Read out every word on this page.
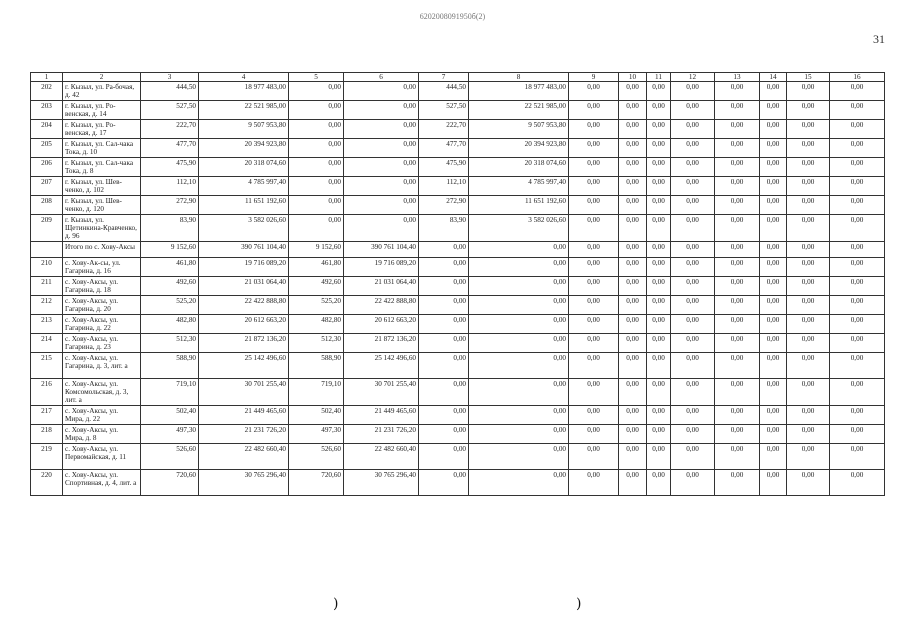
6202008091950б(2)
31
1	2	3	4	5	6	7	8	9	10	11	12	13	14	15	16
202	г. Кызыл, ул. Ра-бочая, д. 42	444,50	18 977 483,00	0,00	0,00	444,50	18 977 483,00	0,00	0,00	0,00	0,00	0,00	0,00	0,00	0,00
203	г. Кызыл, ул. Ро-венская, д. 14	527,50	22 521 985,00	0,00	0,00	527,50	22 521 985,00	0,00	0,00	0,00	0,00	0,00	0,00	0,00	0,00
204	г. Кызыл, ул. Ро-венская, д. 17	222,70	9 507 953,80	0,00	0,00	222,70	9 507 953,80	0,00	0,00	0,00	0,00	0,00	0,00	0,00	0,00
205	г. Кызыл, ул. Сал-чака Тока, д. 10	477,70	20 394 923,80	0,00	0,00	477,70	20 394 923,80	0,00	0,00	0,00	0,00	0,00	0,00	0,00	0,00
206	г. Кызыл, ул. Сал-чака Тока, д. 8	475,90	20 318 074,60	0,00	0,00	475,90	20 318 074,60	0,00	0,00	0,00	0,00	0,00	0,00	0,00	0,00
207	г. Кызыл, ул. Шев-ченко, д. 102	112,10	4 785 997,40	0,00	0,00	112,10	4 785 997,40	0,00	0,00	0,00	0,00	0,00	0,00	0,00	0,00
208	г. Кызыл, ул. Шев-ченко, д. 120	272,90	11 651 192,60	0,00	0,00	272,90	11 651 192,60	0,00	0,00	0,00	0,00	0,00	0,00	0,00	0,00
209	г. Кызыл, ул. Щетинкина-Кравченко, д. 96	83,90	3 582 026,60	0,00	0,00	83,90	3 582 026,60	0,00	0,00	0,00	0,00	0,00	0,00	0,00	0,00
	Итого по с. Хову-Аксы	9 152,60	390 761 104,40	9 152,60	390 761 104,40	0,00	0,00	0,00	0,00	0,00	0,00	0,00	0,00	0,00	0,00
210	с. Хову-Ак-сы, ул. Гагарина, д. 16	461,80	19 716 089,20	461,80	19 716 089,20	0,00	0,00	0,00	0,00	0,00	0,00	0,00	0,00	0,00	0,00
211	с. Хову-Аксы, ул. Гагарина, д. 18	492,60	21 031 064,40	492,60	21 031 064,40	0,00	0,00	0,00	0,00	0,00	0,00	0,00	0,00	0,00	0,00
212	с. Хову-Аксы, ул. Гагарина, д. 20	525,20	22 422 888,80	525,20	22 422 888,80	0,00	0,00	0,00	0,00	0,00	0,00	0,00	0,00	0,00	0,00
213	с. Хову-Аксы, ул. Гагарина, д. 22	482,80	20 612 663,20	482,80	20 612 663,20	0,00	0,00	0,00	0,00	0,00	0,00	0,00	0,00	0,00	0,00
214	с. Хову-Аксы, ул. Гагарина, д. 23	512,30	21 872 136,20	512,30	21 872 136,20	0,00	0,00	0,00	0,00	0,00	0,00	0,00	0,00	0,00	0,00
215	с. Хову-Аксы, ул. Гагарина, д. 3, лит. а	588,90	25 142 496,60	588,90	25 142 496,60	0,00	0,00	0,00	0,00	0,00	0,00	0,00	0,00	0,00	0,00
216	с. Хову-Аксы, ул. Комсомольская, д. 3, лит. а	719,10	30 701 255,40	719,10	30 701 255,40	0,00	0,00	0,00	0,00	0,00	0,00	0,00	0,00	0,00	0,00
217	с. Хову-Аксы, ул. Мира, д. 22	502,40	21 449 465,60	502,40	21 449 465,60	0,00	0,00	0,00	0,00	0,00	0,00	0,00	0,00	0,00	0,00
218	с. Хову-Аксы, ул. Мира, д. 8	497,30	21 231 726,20	497,30	21 231 726,20	0,00	0,00	0,00	0,00	0,00	0,00	0,00	0,00	0,00	0,00
219	с. Хову-Аксы, ул. Первомайская, д. 11	526,60	22 482 660,40	526,60	22 482 660,40	0,00	0,00	0,00	0,00	0,00	0,00	0,00	0,00	0,00	0,00
220	с. Хову-Аксы, ул. Спортивная, д. 4, лит. а	720,60	30 765 296,40	720,60	30 765 296,40	0,00	0,00	0,00	0,00	0,00	0,00	0,00	0,00	0,00	0,00
)	)
